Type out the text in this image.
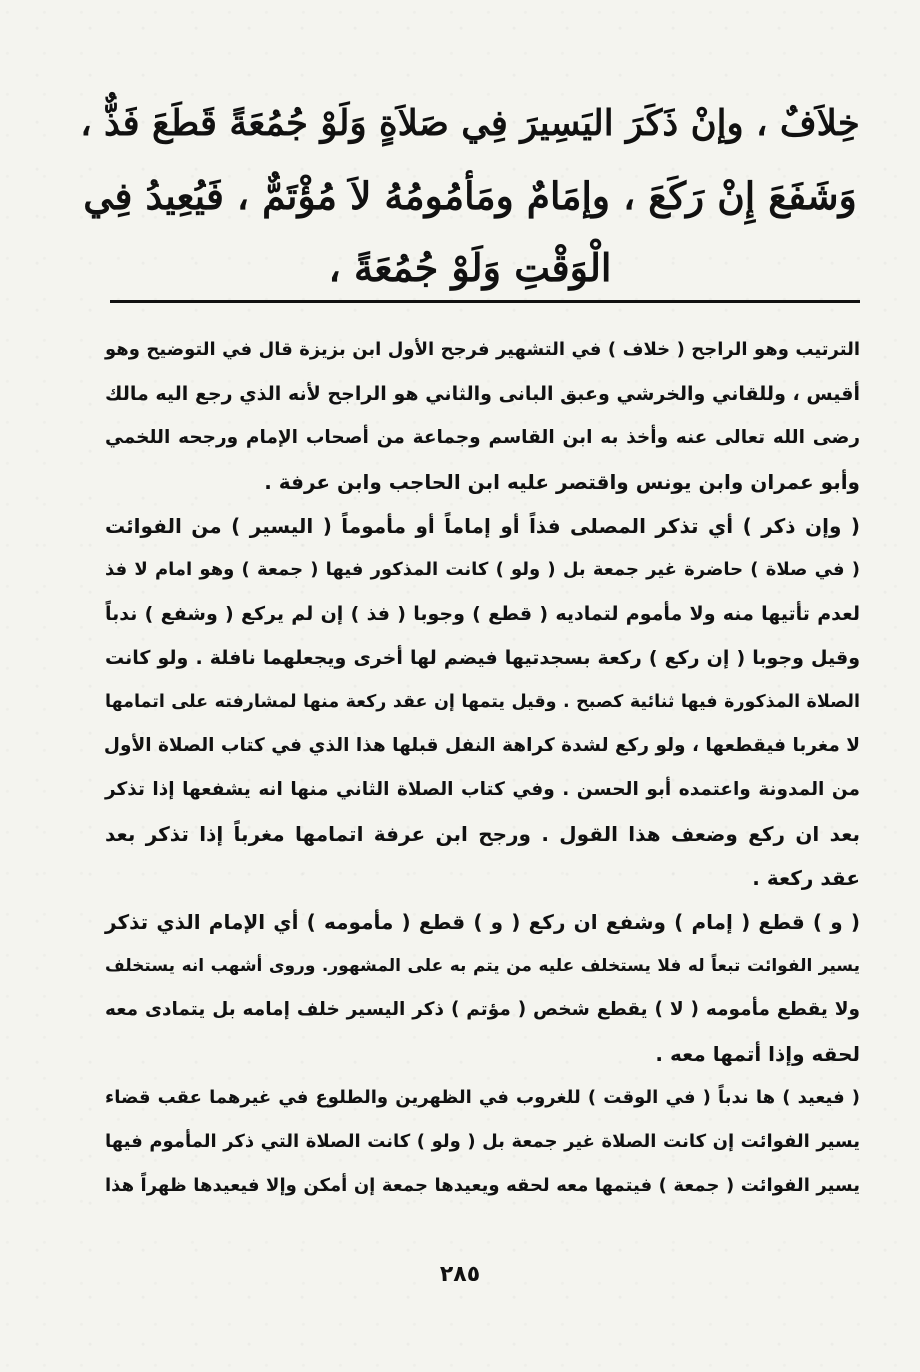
خِلاَفٌ ، وإنْ ذَكَرَ اليَسِيرَ فِي صَلاَةٍ وَلَوْ جُمُعَةً قَطَعَ فَذٌّ ،
وَشَفَعَ إِنْ رَكَعَ ، وإمَامٌ ومَأمُومُهُ لاَ مُؤْتَمٌّ ، فَيُعِيدُ فِي
الْوَقْتِ وَلَوْ جُمُعَةً ،
الترتيب وهو الراجح ( خلاف ) في التشهير فرجح الأول ابن بزيزة قال في التوضيح وهو
أقيس ، وللقاني والخرشي وعبق البانى والثاني هو الراجح لأنه الذي رجع اليه مالك
رضى الله تعالى عنه وأخذ به ابن القاسم وجماعة من أصحاب الإمام ورجحه اللخمي
وأبو عمران وابن يونس واقتصر عليه ابن الحاجب وابن عرفة .
( وإن ذكر ) أي تذكر المصلى فذاً أو إماماً أو مأموماً ( اليسير ) من الفوائت
( في صلاة ) حاضرة غير جمعة بل ( ولو ) كانت المذكور فيها ( جمعة ) وهو امام لا فذ
لعدم تأتيها منه ولا مأموم لتماديه ( قطع ) وجوبا ( فذ ) إن لم يركع ( وشفع ) ندباً
وقيل وجوبا ( إن ركع ) ركعة بسجدتيها فيضم لها أخرى ويجعلهما نافلة . ولو كانت
الصلاة المذكورة فيها ثنائية كصبح . وقيل يتمها إن عقد ركعة منها لمشارفته على اتمامها
لا مغربا فيقطعها ، ولو ركع لشدة كراهة النفل قبلها هذا الذي في كتاب الصلاة الأول
من المدونة واعتمده أبو الحسن . وفي كتاب الصلاة الثاني منها انه يشفعها إذا تذكر
بعد ان ركع وضعف هذا القول . ورجح ابن عرفة اتمامها مغرباً إذا تذكر بعد
عقد ركعة .
( و ) قطع ( إمام ) وشفع ان ركع ( و ) قطع ( مأمومه ) أي الإمام الذي تذكر
يسير الفوائت تبعاً له فلا يستخلف عليه من يتم به على المشهور. وروى أشهب انه يستخلف
ولا يقطع مأمومه ( لا ) يقطع شخص ( مؤتم ) ذكر اليسير خلف إمامه بل يتمادى معه
لحقه وإذا أتمها معه .
( فيعيد ) ها ندباً ( في الوقت ) للغروب في الظهرين والطلوع في غيرهما عقب قضاء
يسير الفوائت إن كانت الصلاة غير جمعة بل ( ولو ) كانت الصلاة التي ذكر المأموم فيها
يسير الفوائت ( جمعة ) فيتمها معه لحقه ويعيدها جمعة إن أمكن وإلا فيعيدها ظهراً هذا
٢٨٥
